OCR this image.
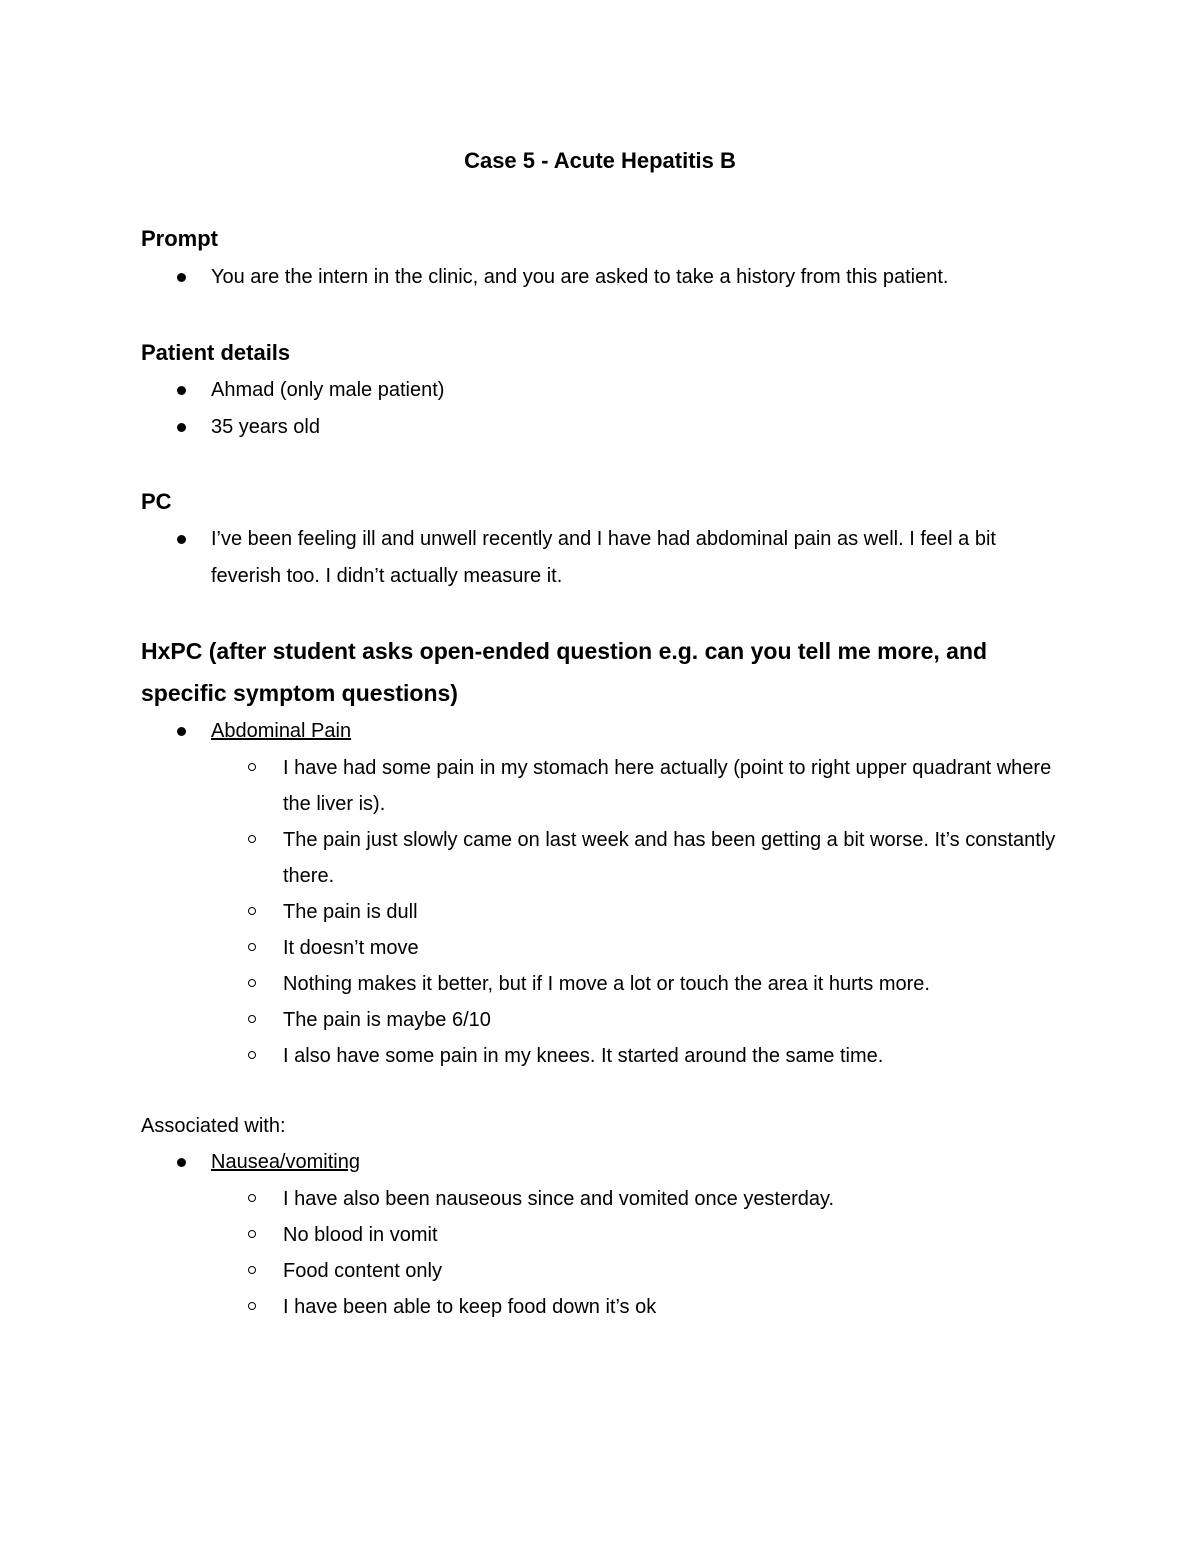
Case 5 - Acute Hepatitis B
Prompt
You are the intern in the clinic, and you are asked to take a history from this patient.
Patient details
Ahmad (only male patient)
35 years old
PC
I’ve been feeling ill and unwell recently and I have had abdominal pain as well. I feel a bit feverish too. I didn’t actually measure it.
HxPC (after student asks open-ended question e.g. can you tell me more, and specific symptom questions)
Abdominal Pain
I have had some pain in my stomach here actually (point to right upper quadrant where the liver is).
The pain just slowly came on last week and has been getting a bit worse. It’s constantly there.
The pain is dull
It doesn’t move
Nothing makes it better, but if I move a lot or touch the area it hurts more.
The pain is maybe 6/10
I also have some pain in my knees. It started around the same time.

Associated with:

Nausea/vomiting
I have also been nauseous since and vomited once yesterday.
No blood in vomit
Food content only
I have been able to keep food down it’s ok
